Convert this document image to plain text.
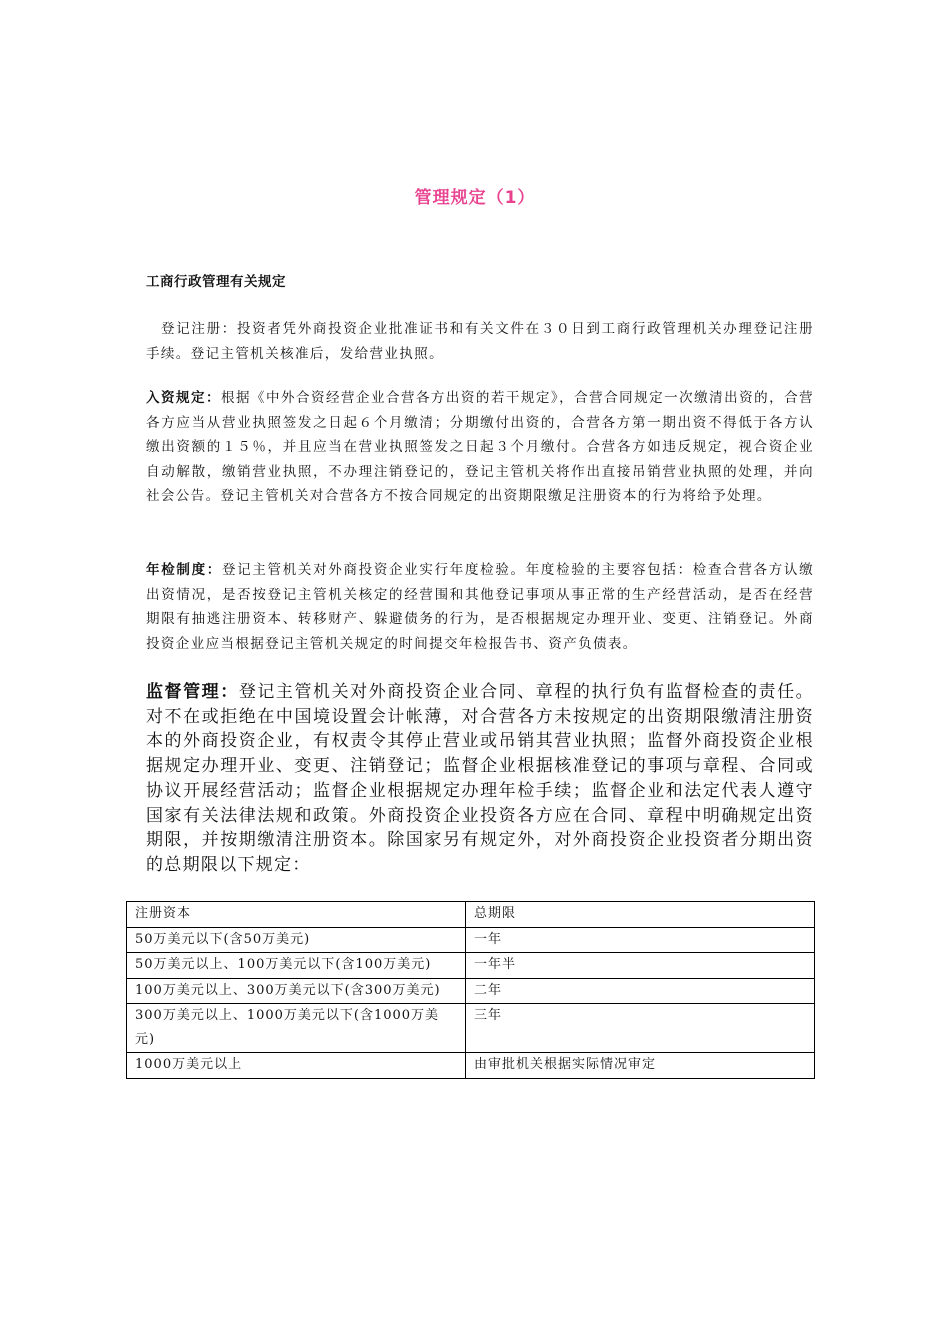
管理规定（1）
工商行政管理有关规定

登记注册：投资者凭外商投资企业批准证书和有关文件在３０日到工商行政管理机关办理登记注册手续。登记主管机关核准后，发给营业执照。

入资规定：根据《中外合资经营企业合营各方出资的若干规定》，合营合同规定一次缴清出资的，合营各方应当从营业执照签发之日起６个月缴清；分期缴付出资的，合营各方第一期出资不得低于各方认缴出资额的１５％，并且应当在营业执照签发之日起３个月缴付。合营各方如违反规定，视合资企业自动解散，缴销营业执照，不办理注销登记的，登记主管机关将作出直接吊销营业执照的处理，并向社会公告。登记主管机关对合营各方不按合同规定的出资期限缴足注册资本的行为将给予处理。

年检制度：登记主管机关对外商投资企业实行年度检验。年度检验的主要容包括：检查合营各方认缴出资情况，是否按登记主管机关核定的经营围和其他登记事项从事正常的生产经营活动，是否在经营期限有抽逃注册资本、转移财产、躲避债务的行为，是否根据规定办理开业、变更、注销登记。外商投资企业应当根据登记主管机关规定的时间提交年检报告书、资产负债表。

监督管理：登记主管机关对外商投资企业合同、章程的执行负有监督检查的责任。对不在或拒绝在中国境设置会计帐薄，对合营各方未按规定的出资期限缴清注册资本的外商投资企业，有权责令其停止营业或吊销其营业执照；监督外商投资企业根据规定办理开业、变更、注销登记；监督企业根据核准登记的事项与章程、合同或协议开展经营活动；监督企业根据规定办理年检手续；监督企业和法定代表人遵守国家有关法律法规和政策。外商投资企业投资各方应在合同、章程中明确规定出资期限，并按期缴清注册资本。除国家另有规定外，对外商投资企业投资者分期出资的总期限以下规定：

注册资本	总期限
50万美元以下(含50万美元)	一年
50万美元以上、100万美元以下(含100万美元)	一年半
100万美元以上、300万美元以下(含300万美元)	二年
300万美元以上、1000万美元以下(含1000万美元)	三年
1000万美元以上	由审批机关根据实际情况审定
